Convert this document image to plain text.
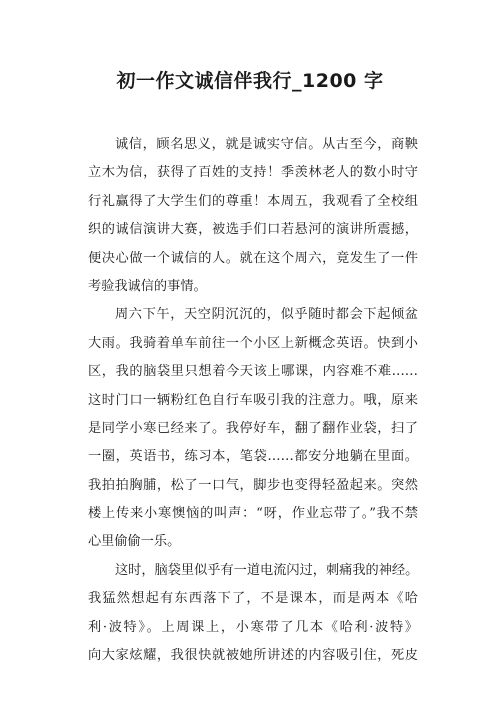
初一作文诚信伴我行_1200 字
诚信，顾名思义，就是诚实守信。从古至今，商鞅
立木为信，获得了百姓的支持！季羡林老人的数小时守
行礼赢得了大学生们的尊重！本周五，我观看了全校组
织的诚信演讲大赛，被选手们口若悬河的演讲所震撼，
便决心做一个诚信的人。就在这个周六，竟发生了一件
考验我诚信的事情。
周六下午，天空阴沉沉的，似乎随时都会下起倾盆
大雨。我骑着单车前往一个小区上新概念英语。快到小
区，我的脑袋里只想着今天该上哪课，内容难不难……
这时门口一辆粉红色自行车吸引我的注意力。哦，原来
是同学小寒已经来了。我停好车，翻了翻作业袋，扫了
一圈，英语书，练习本，笔袋……都安分地躺在里面。
我拍拍胸脯，松了一口气，脚步也变得轻盈起来。突然
楼上传来小寒懊恼的叫声：“呀，作业忘带了。”我不禁
心里偷偷一乐。
这时，脑袋里似乎有一道电流闪过，刺痛我的神经。
我猛然想起有东西落下了，不是课本，而是两本《哈
利·波特》。上周课上，小寒带了几本《哈利·波特》
向大家炫耀，我很快就被她所讲述的内容吸引住，死皮
